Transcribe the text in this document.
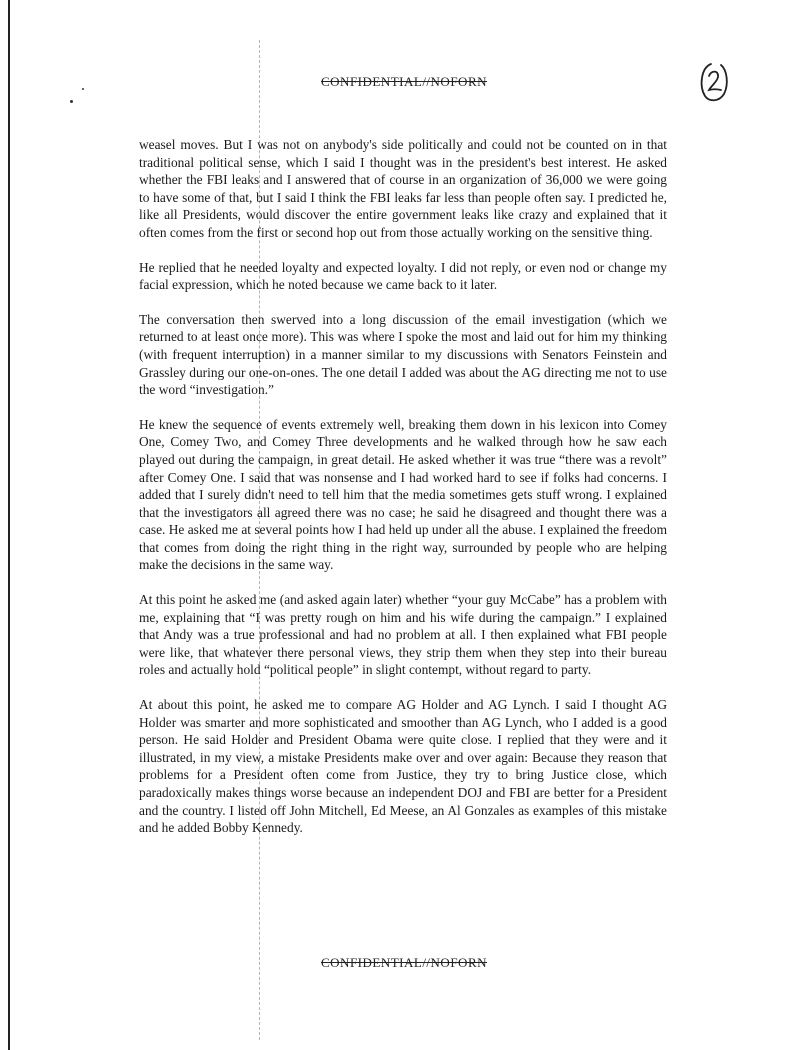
CONFIDENTIAL//NOFORN

weasel moves. But I was not on anybody's side politically and could not be counted on in that traditional political sense, which I said I thought was in the president's best interest. He asked whether the FBI leaks and I answered that of course in an organization of 36,000 we were going to have some of that, but I said I think the FBI leaks far less than people often say. I predicted he, like all Presidents, would discover the entire government leaks like crazy and explained that it often comes from the first or second hop out from those actually working on the sensitive thing.

He replied that he needed loyalty and expected loyalty. I did not reply, or even nod or change my facial expression, which he noted because we came back to it later.

The conversation then swerved into a long discussion of the email investigation (which we returned to at least once more). This was where I spoke the most and laid out for him my thinking (with frequent interruption) in a manner similar to my discussions with Senators Feinstein and Grassley during our one-on-ones. The one detail I added was about the AG directing me not to use the word “investigation.”

He knew the sequence of events extremely well, breaking them down in his lexicon into Comey One, Comey Two, and Comey Three developments and he walked through how he saw each played out during the campaign, in great detail. He asked whether it was true “there was a revolt” after Comey One. I said that was nonsense and I had worked hard to see if folks had concerns. I added that I surely didn't need to tell him that the media sometimes gets stuff wrong. I explained that the investigators all agreed there was no case; he said he disagreed and thought there was a case. He asked me at several points how I had held up under all the abuse. I explained the freedom that comes from doing the right thing in the right way, surrounded by people who are helping make the decisions in the same way.

At this point he asked me (and asked again later) whether “your guy McCabe” has a problem with me, explaining that “I was pretty rough on him and his wife during the campaign.” I explained that Andy was a true professional and had no problem at all. I then explained what FBI people were like, that whatever there personal views, they strip them when they step into their bureau roles and actually hold “political people” in slight contempt, without regard to party.

At about this point, he asked me to compare AG Holder and AG Lynch. I said I thought AG Holder was smarter and more sophisticated and smoother than AG Lynch, who I added is a good person. He said Holder and President Obama were quite close. I replied that they were and it illustrated, in my view, a mistake Presidents make over and over again: Because they reason that problems for a President often come from Justice, they try to bring Justice close, which paradoxically makes things worse because an independent DOJ and FBI are better for a President and the country. I listed off John Mitchell, Ed Meese, an Al Gonzales as examples of this mistake and he added Bobby Kennedy.

CONFIDENTIAL//NOFORN
